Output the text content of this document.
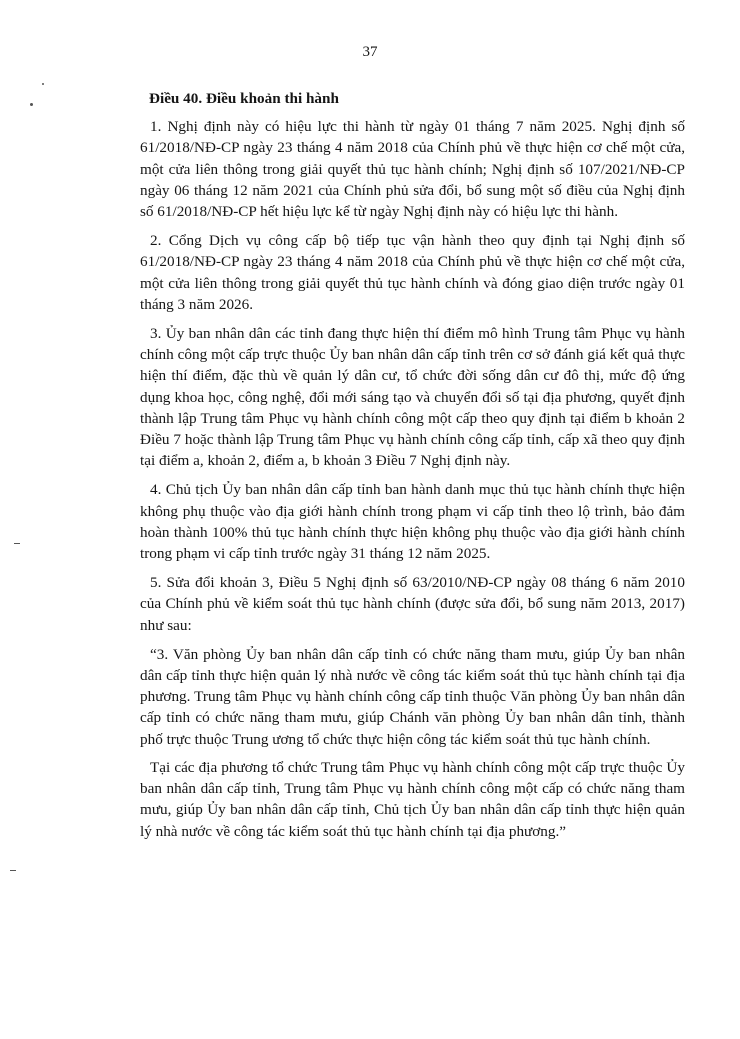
37
Điều 40. Điều khoản thi hành

1. Nghị định này có hiệu lực thi hành từ ngày 01 tháng 7 năm 2025. Nghị định số 61/2018/NĐ-CP ngày 23 tháng 4 năm 2018 của Chính phủ về thực hiện cơ chế một cửa, một cửa liên thông trong giải quyết thủ tục hành chính; Nghị định số 107/2021/NĐ-CP ngày 06 tháng 12 năm 2021 của Chính phủ sửa đổi, bổ sung một số điều của Nghị định số 61/2018/NĐ-CP hết hiệu lực kể từ ngày Nghị định này có hiệu lực thi hành.

2. Cổng Dịch vụ công cấp bộ tiếp tục vận hành theo quy định tại Nghị định số 61/2018/NĐ-CP ngày 23 tháng 4 năm 2018 của Chính phủ về thực hiện cơ chế một cửa, một cửa liên thông trong giải quyết thủ tục hành chính và đóng giao diện trước ngày 01 tháng 3 năm 2026.

3. Ủy ban nhân dân các tỉnh đang thực hiện thí điểm mô hình Trung tâm Phục vụ hành chính công một cấp trực thuộc Ủy ban nhân dân cấp tỉnh trên cơ sở đánh giá kết quả thực hiện thí điểm, đặc thù về quản lý dân cư, tổ chức đời sống dân cư đô thị, mức độ ứng dụng khoa học, công nghệ, đổi mới sáng tạo và chuyển đổi số tại địa phương, quyết định thành lập Trung tâm Phục vụ hành chính công một cấp theo quy định tại điểm b khoản 2 Điều 7 hoặc thành lập Trung tâm Phục vụ hành chính công cấp tỉnh, cấp xã theo quy định tại điểm a, khoản 2, điểm a, b khoản 3 Điều 7 Nghị định này.

4. Chủ tịch Ủy ban nhân dân cấp tỉnh ban hành danh mục thủ tục hành chính thực hiện không phụ thuộc vào địa giới hành chính trong phạm vi cấp tỉnh theo lộ trình, bảo đảm hoàn thành 100% thủ tục hành chính thực hiện không phụ thuộc vào địa giới hành chính trong phạm vi cấp tỉnh trước ngày 31 tháng 12 năm 2025.

5. Sửa đổi khoản 3, Điều 5 Nghị định số 63/2010/NĐ-CP ngày 08 tháng 6 năm 2010 của Chính phủ về kiểm soát thủ tục hành chính (được sửa đổi, bổ sung năm 2013, 2017) như sau:

“3. Văn phòng Ủy ban nhân dân cấp tỉnh có chức năng tham mưu, giúp Ủy ban nhân dân cấp tỉnh thực hiện quản lý nhà nước về công tác kiểm soát thủ tục hành chính tại địa phương. Trung tâm Phục vụ hành chính công cấp tỉnh thuộc Văn phòng Ủy ban nhân dân cấp tỉnh có chức năng tham mưu, giúp Chánh văn phòng Ủy ban nhân dân tỉnh, thành phố trực thuộc Trung ương tổ chức thực hiện công tác kiểm soát thủ tục hành chính.

Tại các địa phương tổ chức Trung tâm Phục vụ hành chính công một cấp trực thuộc Ủy ban nhân dân cấp tỉnh, Trung tâm Phục vụ hành chính công một cấp có chức năng tham mưu, giúp Ủy ban nhân dân cấp tỉnh, Chủ tịch Ủy ban nhân dân cấp tỉnh thực hiện quản lý nhà nước về công tác kiểm soát thủ tục hành chính tại địa phương.”
